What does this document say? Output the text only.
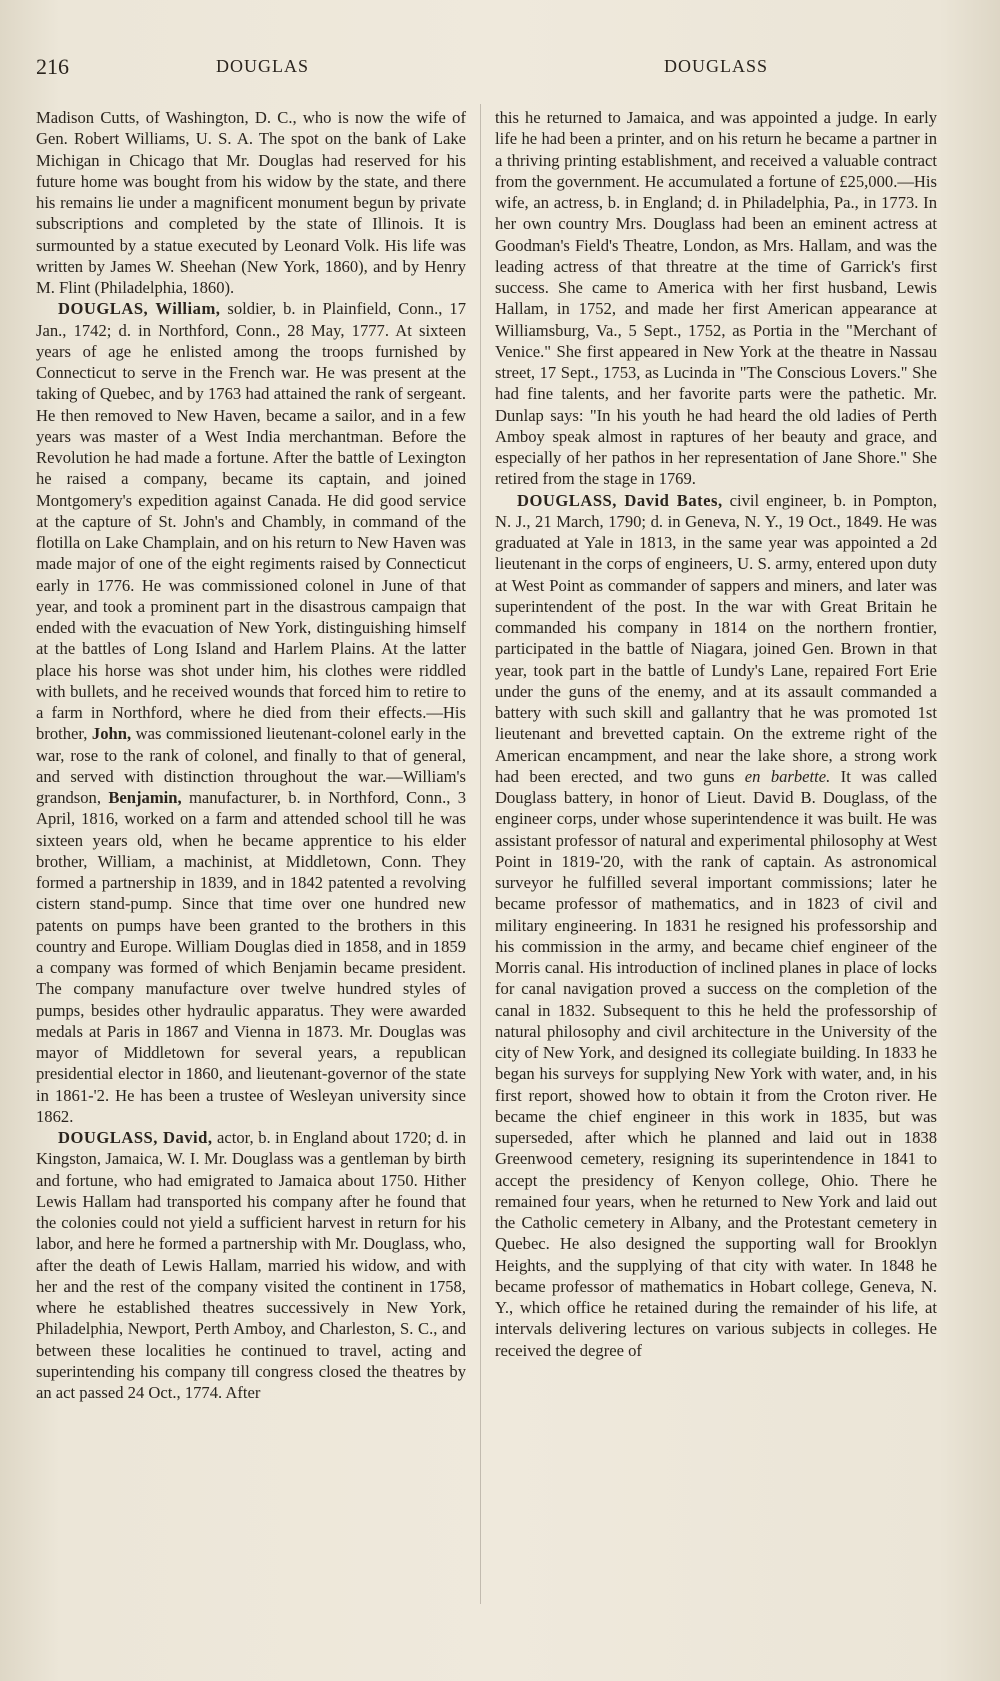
216	DOUGLAS	DOUGLASS

Madison Cutts, of Washington, D. C., who is now the wife of Gen. Robert Williams, U. S. A. The spot on the bank of Lake Michigan in Chicago that Mr. Douglas had reserved for his future home was bought from his widow by the state, and there his remains lie under a magnificent monument begun by private subscriptions and completed by the state of Illinois. It is surmounted by a statue executed by Leonard Volk. His life was written by James W. Sheehan (New York, 1860), and by Henry M. Flint (Philadelphia, 1860).

DOUGLAS, William, soldier, b. in Plainfield, Conn., 17 Jan., 1742; d. in Northford, Conn., 28 May, 1777. At sixteen years of age he enlisted among the troops furnished by Connecticut to serve in the French war. He was present at the taking of Quebec, and by 1763 had attained the rank of sergeant. He then removed to New Haven, became a sailor, and in a few years was master of a West India merchantman. Before the Revolution he had made a fortune. After the battle of Lexington he raised a company, became its captain, and joined Montgomery's expedition against Canada. He did good service at the capture of St. John's and Chambly, in command of the flotilla on Lake Champlain, and on his return to New Haven was made major of one of the eight regiments raised by Connecticut early in 1776. He was commissioned colonel in June of that year, and took a prominent part in the disastrous campaign that ended with the evacuation of New York, distinguishing himself at the battles of Long Island and Harlem Plains. At the latter place his horse was shot under him, his clothes were riddled with bullets, and he received wounds that forced him to retire to a farm in Northford, where he died from their effects.—His brother, John, was commissioned lieutenant-colonel early in the war, rose to the rank of colonel, and finally to that of general, and served with distinction throughout the war.—William's grandson, Benjamin, manufacturer, b. in Northford, Conn., 3 April, 1816, worked on a farm and attended school till he was sixteen years old, when he became apprentice to his elder brother, William, a machinist, at Middletown, Conn. They formed a partnership in 1839, and in 1842 patented a revolving cistern stand-pump. Since that time over one hundred new patents on pumps have been granted to the brothers in this country and Europe. William Douglas died in 1858, and in 1859 a company was formed of which Benjamin became president. The company manufacture over twelve hundred styles of pumps, besides other hydraulic apparatus. They were awarded medals at Paris in 1867 and Vienna in 1873. Mr. Douglas was mayor of Middletown for several years, a republican presidential elector in 1860, and lieutenant-governor of the state in 1861-'2. He has been a trustee of Wesleyan university since 1862.

DOUGLASS, David, actor, b. in England about 1720; d. in Kingston, Jamaica, W. I. Mr. Douglass was a gentleman by birth and fortune, who had emigrated to Jamaica about 1750. Hither Lewis Hallam had transported his company after he found that the colonies could not yield a sufficient harvest in return for his labor, and here he formed a partnership with Mr. Douglass, who, after the death of Lewis Hallam, married his widow, and with her and the rest of the company visited the continent in 1758, where he established theatres successively in New York, Philadelphia, Newport, Perth Amboy, and Charleston, S. C., and between these localities he continued to travel, acting and superintending his company till congress closed the theatres by an act passed 24 Oct., 1774. After

this he returned to Jamaica, and was appointed a judge. In early life he had been a printer, and on his return he became a partner in a thriving printing establishment, and received a valuable contract from the government. He accumulated a fortune of £25,000.—His wife, an actress, b. in England; d. in Philadelphia, Pa., in 1773. In her own country Mrs. Douglass had been an eminent actress at Goodman's Field's Theatre, London, as Mrs. Hallam, and was the leading actress of that threatre at the time of Garrick's first success. She came to America with her first husband, Lewis Hallam, in 1752, and made her first American appearance at Williamsburg, Va., 5 Sept., 1752, as Portia in the "Merchant of Venice." She first appeared in New York at the theatre in Nassau street, 17 Sept., 1753, as Lucinda in "The Conscious Lovers." She had fine talents, and her favorite parts were the pathetic. Mr. Dunlap says: "In his youth he had heard the old ladies of Perth Amboy speak almost in raptures of her beauty and grace, and especially of her pathos in her representation of Jane Shore." She retired from the stage in 1769.

DOUGLASS, David Bates, civil engineer, b. in Pompton, N. J., 21 March, 1790; d. in Geneva, N. Y., 19 Oct., 1849. He was graduated at Yale in 1813, in the same year was appointed a 2d lieutenant in the corps of engineers, U. S. army, entered upon duty at West Point as commander of sappers and miners, and later was superintendent of the post. In the war with Great Britain he commanded his company in 1814 on the northern frontier, participated in the battle of Niagara, joined Gen. Brown in that year, took part in the battle of Lundy's Lane, repaired Fort Erie under the guns of the enemy, and at its assault commanded a battery with such skill and gallantry that he was promoted 1st lieutenant and brevetted captain. On the extreme right of the American encampment, and near the lake shore, a strong work had been erected, and two guns en barbette. It was called Douglass battery, in honor of Lieut. David B. Douglass, of the engineer corps, under whose superintendence it was built. He was assistant professor of natural and experimental philosophy at West Point in 1819-'20, with the rank of captain. As astronomical surveyor he fulfilled several important commissions; later he became professor of mathematics, and in 1823 of civil and military engineering. In 1831 he resigned his professorship and his commission in the army, and became chief engineer of the Morris canal. His introduction of inclined planes in place of locks for canal navigation proved a success on the completion of the canal in 1832. Subsequent to this he held the professorship of natural philosophy and civil architecture in the University of the city of New York, and designed its collegiate building. In 1833 he began his surveys for supplying New York with water, and, in his first report, showed how to obtain it from the Croton river. He became the chief engineer in this work in 1835, but was superseded, after which he planned and laid out in 1838 Greenwood cemetery, resigning its superintendence in 1841 to accept the presidency of Kenyon college, Ohio. There he remained four years, when he returned to New York and laid out the Catholic cemetery in Albany, and the Protestant cemetery in Quebec. He also designed the supporting wall for Brooklyn Heights, and the supplying of that city with water. In 1848 he became professor of mathematics in Hobart college, Geneva, N. Y., which office he retained during the remainder of his life, at intervals delivering lectures on various subjects in colleges. He received the degree of
